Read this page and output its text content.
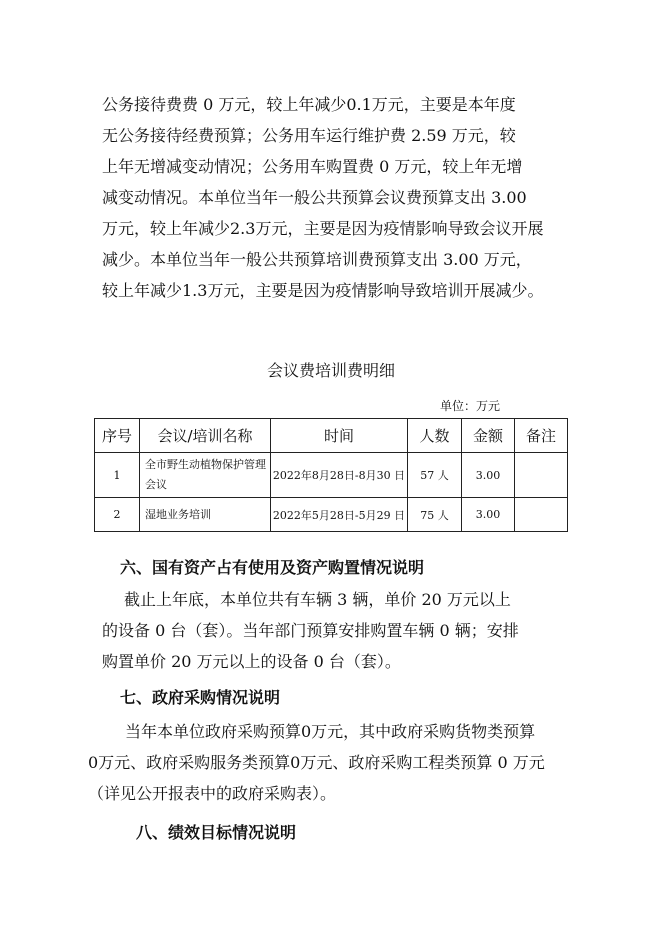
公务接待费费 0 万元，较上年减少0.1万元，主要是本年度
无公务接待经费预算；公务用车运行维护费 2.59 万元，较
上年无增减变动情况；公务用车购置费 0 万元，较上年无增
减变动情况。本单位当年一般公共预算会议费预算支出 3.00
万元，较上年减少2.3万元，主要是因为疫情影响导致会议开展
减少。本单位当年一般公共预算培训费预算支出 3.00 万元，
较上年减少1.3万元，主要是因为疫情影响导致培训开展减少。
会议费培训费明细
单位：万元
序号	会议/培训名称	时间	人数	金额	备注
1	全市野生动植物保护管理会议	2022年8月28日-8月30 日	57 人	3.00	
2	湿地业务培训	2022年5月28日-5月29 日	75 人	3.00	
六、国有资产占有使用及资产购置情况说明
截止上年底，本单位共有车辆 3 辆，单价 20 万元以上
的设备 0 台（套）。当年部门预算安排购置车辆 0 辆；安排
购置单价 20 万元以上的设备 0 台（套）。
七、政府采购情况说明
当年本单位政府采购预算0万元，其中政府采购货物类预算
0万元、政府采购服务类预算0万元、政府采购工程类预算 0 万元
（详见公开报表中的政府采购表）。
八、绩效目标情况说明
